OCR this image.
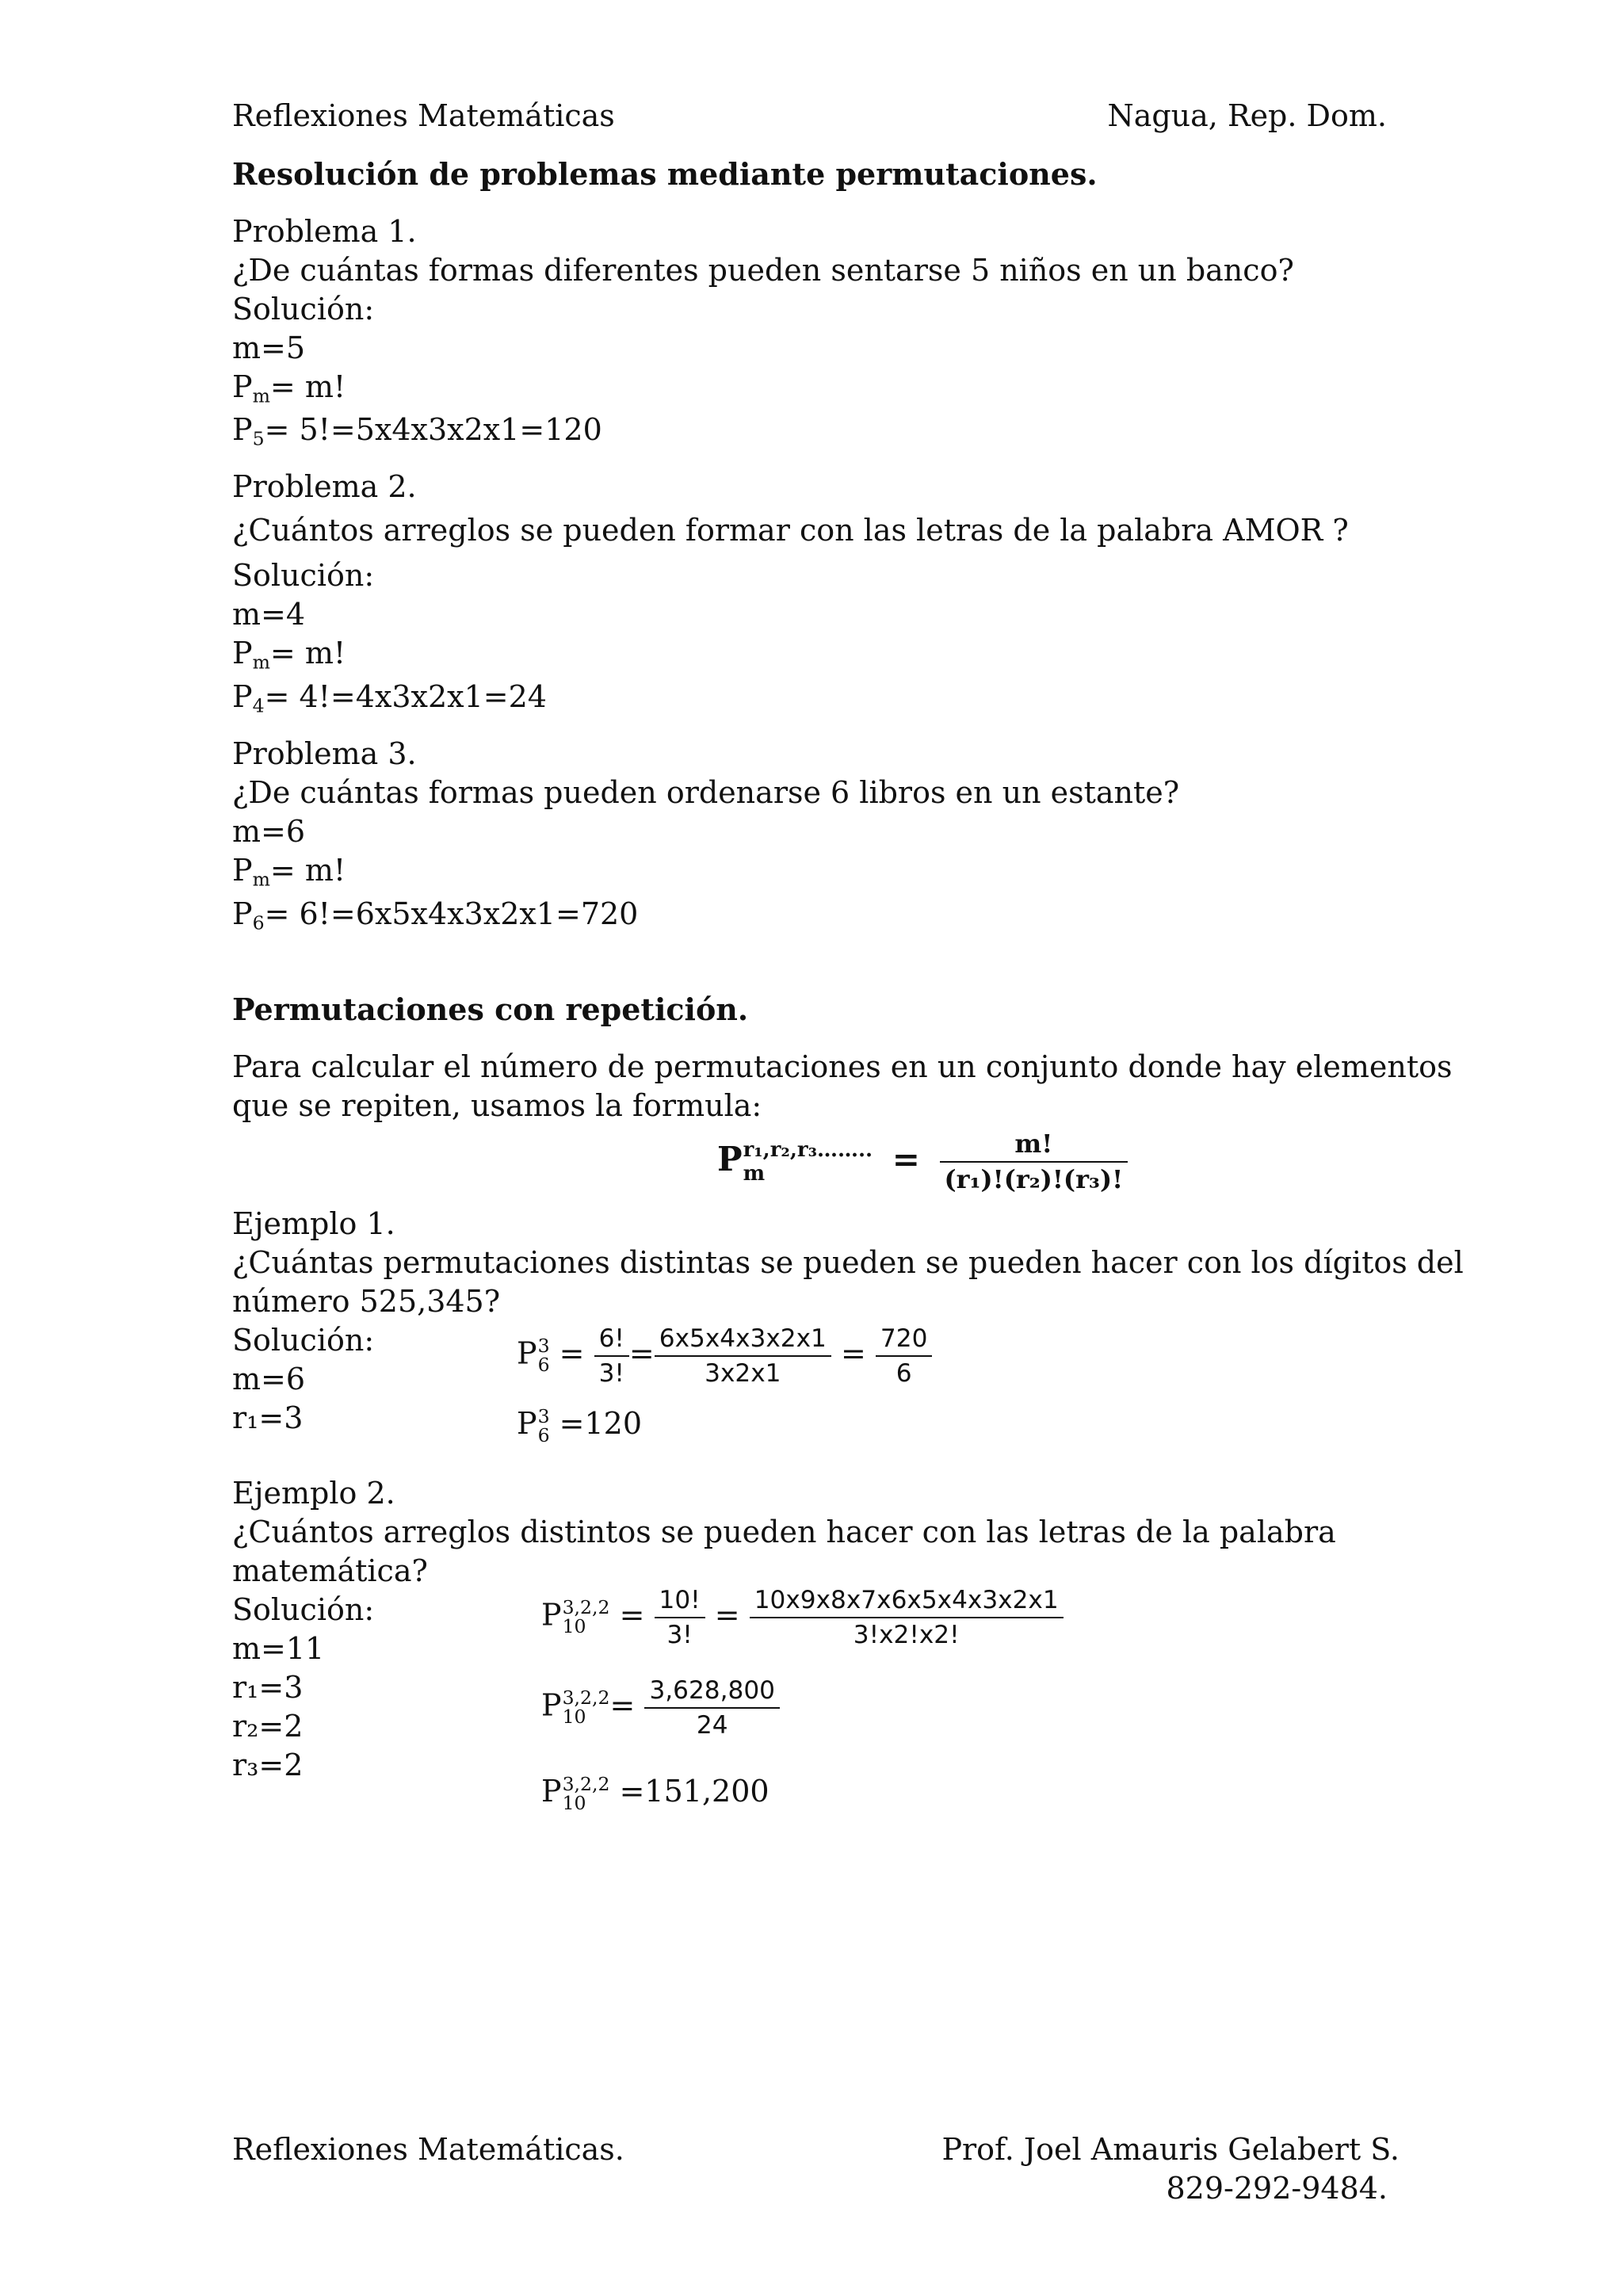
Reflexiones Matemáticas	Nagua, Rep. Dom.
Resolución de problemas mediante permutaciones.
Problema 1.
¿De cuántas formas diferentes pueden sentarse 5 niños en un banco?
Solución:
m=5
$P_m= m$!
$P_5= 5!=5x4x3x2x1=120$
Problema 2.
¿Cuántos arreglos se pueden formar con las letras de la palabra AMOR ?
Solución:
m=4
$P_m= m$!
$P_4= 4!=4x3x2x1=24$
Problema 3.
¿De cuántas formas pueden ordenarse 6 libros en un estante?
m=6
$P_m= m$!
$P_6= 6!=6x5x4x3x2x1=720$
Permutaciones con repetición.
Para calcular el número de permutaciones en un conjunto donde hay elementos
que se repiten, usamos la formula:
P r₁,r₂,r₃……..
m	= $\frac{m!}{\text{(r₁)!(r₂)!(r₃)!}}$
Ejemplo 1.
¿Cuántas permutaciones distintas se pueden se pueden hacer con los dígitos del
número 525,345?
Solución:
m=6
r₁=3
P 3
$6 = \frac{6!}{3!} = \frac{6x5x4x3x2x1}{3x2x1} = \frac{720}{6}$
P 3
6 =120
Ejemplo 2.
¿Cuántos arreglos distintos se pueden hacer con las letras de la palabra
matemática?
Solución:
m=11
r₁=3
r₂=2
r₃=2
P 3,2,2
10	= $\frac{10!}{3!} = \frac{10x9x8x7x6x5x4x3x2x1}{3!x2!x2!}$
P 3,2,2
$10 = \frac{3,628,800}{24}$
P 3,2,2
10 =151,200
Reflexiones Matemáticas.	Prof. Joel Amauris Gelabert S.
829-292-9484.
